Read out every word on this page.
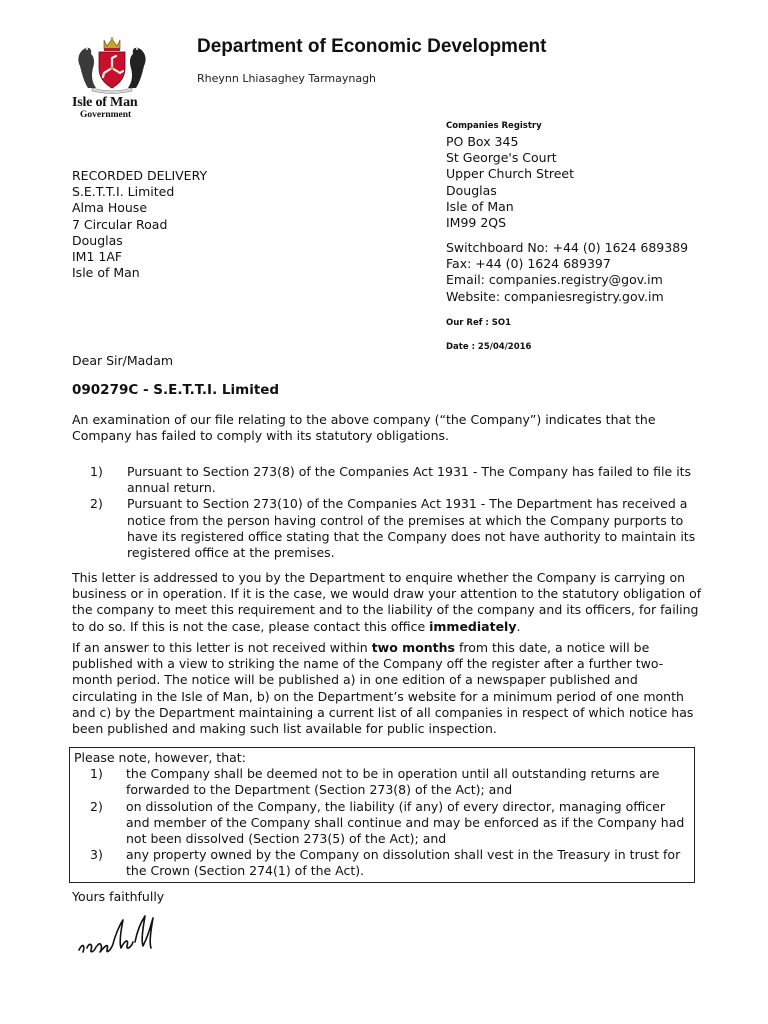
Isle of Man
Government
Department of Economic Development
Rheynn Lhiasaghey Tarmaynagh
Companies Registry
PO Box 345
St George's Court
Upper Church Street
Douglas
Isle of Man
IM99 2QS
Switchboard No: +44 (0) 1624 689389
Fax: +44 (0) 1624 689397
Email: companies.registry@gov.im
Website: companiesregistry.gov.im
Our Ref : SO1
Date : 25/04/2016
RECORDED DELIVERY
S.E.T.T.I. Limited
Alma House
7 Circular Road
Douglas
IM1 1AF
Isle of Man
Dear Sir/Madam
090279C - S.E.T.T.I. Limited
An examination of our file relating to the above company (“the Company”) indicates that the Company has failed to comply with its statutory obligations.
1) Pursuant to Section 273(8) of the Companies Act 1931 - The Company has failed to file its annual return.
2) Pursuant to Section 273(10) of the Companies Act 1931 - The Department has received a notice from the person having control of the premises at which the Company purports to have its registered office stating that the Company does not have authority to maintain its registered office at the premises.
This letter is addressed to you by the Department to enquire whether the Company is carrying on business or in operation. If it is the case, we would draw your attention to the statutory obligation of the company to meet this requirement and to the liability of the company and its officers, for failing to do so. If this is not the case, please contact this office immediately.
If an answer to this letter is not received within two months from this date, a notice will be published with a view to striking the name of the Company off the register after a further two-month period. The notice will be published a) in one edition of a newspaper published and circulating in the Isle of Man, b) on the Department’s website for a minimum period of one month and c) by the Department maintaining a current list of all companies in respect of which notice has been published and making such list available for public inspection.
Please note, however, that:
1) the Company shall be deemed not to be in operation until all outstanding returns are forwarded to the Department (Section 273(8) of the Act); and
2) on dissolution of the Company, the liability (if any) of every director, managing officer and member of the Company shall continue and may be enforced as if the Company had not been dissolved (Section 273(5) of the Act); and
3) any property owned by the Company on dissolution shall vest in the Treasury in trust for the Crown (Section 274(1) of the Act).
Yours faithfully
